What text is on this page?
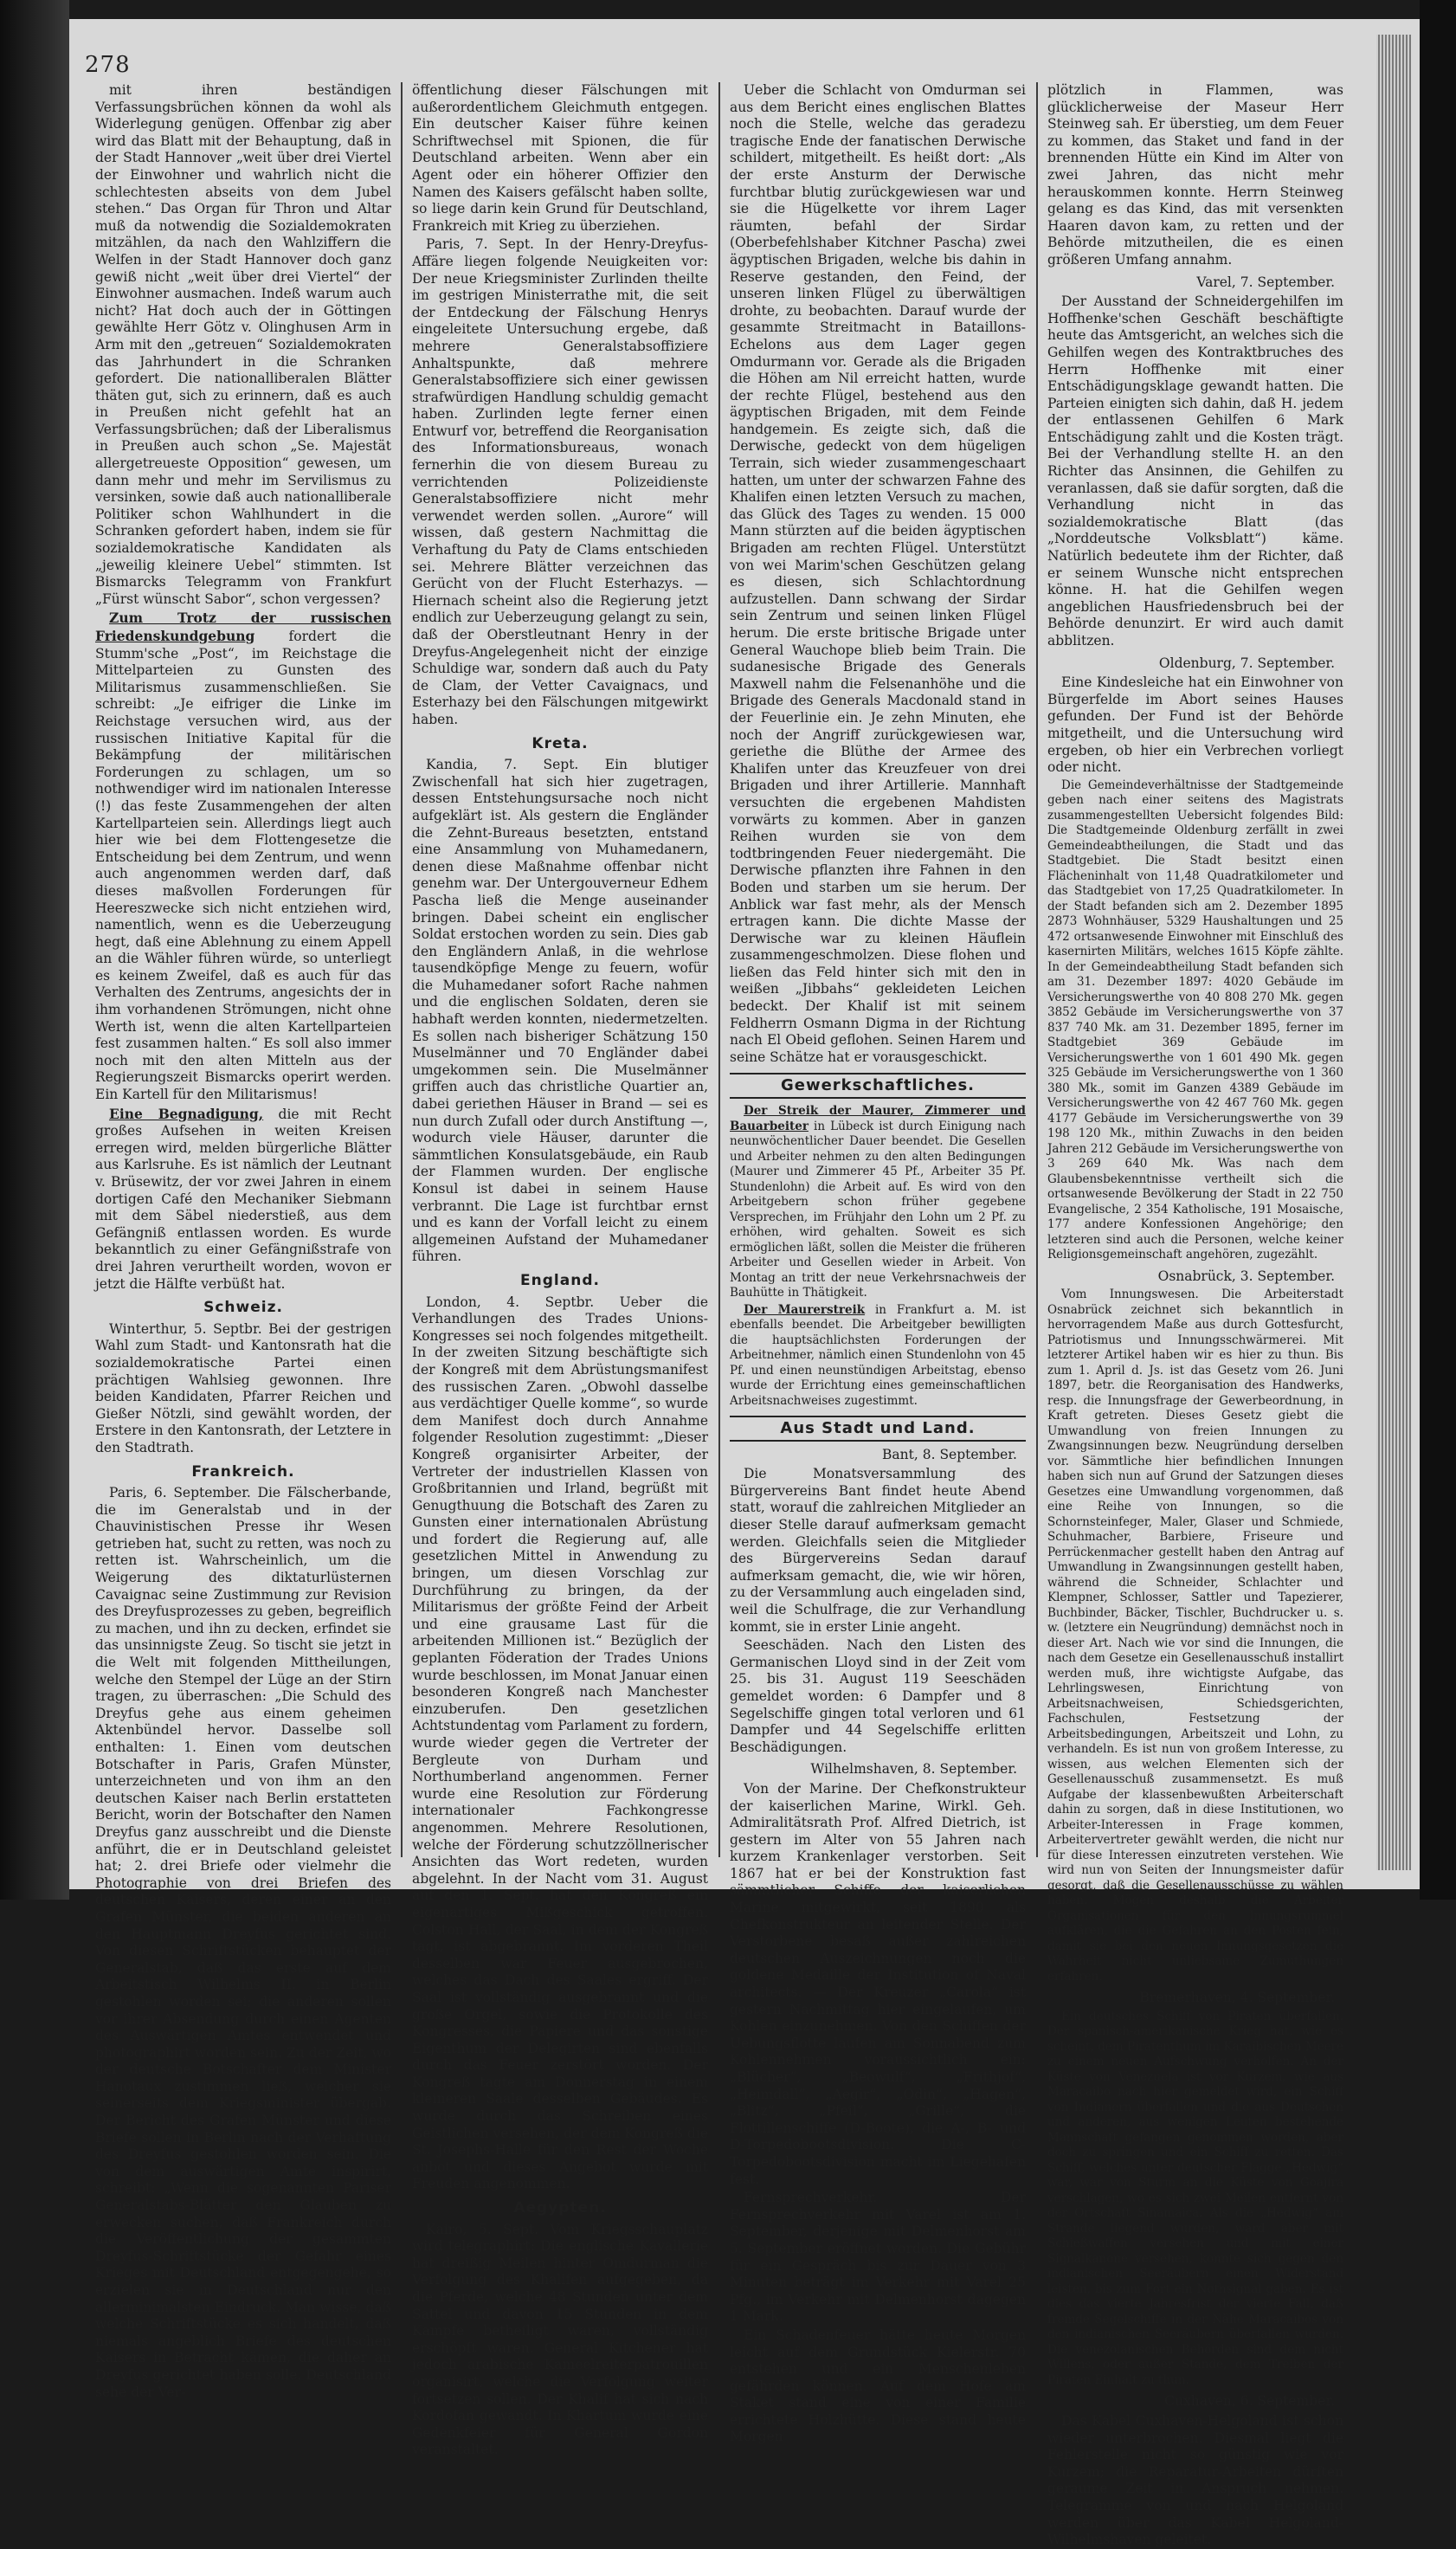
278

mit ihren beständigen Verfassungsbrüchen können da wohl als Widerlegung genügen. Offenbar zig aber wird das Blatt mit der Behauptung, daß in der Stadt Hannover „weit über drei Viertel der Einwohner und wahrlich nicht die schlechtesten abseits von dem Jubel stehen.“ Das Organ für Thron und Altar muß da notwendig die Sozialdemokraten mitzählen, da nach den Wahlziffern die Welfen in der Stadt Hannover doch ganz gewiß nicht „weit über drei Viertel“ der Einwohner ausmachen. Indeß warum auch nicht? Hat doch auch der in Göttingen gewählte Herr Götz v. Olinghusen Arm in Arm mit den „getreuen“ Sozialdemokraten das Jahrhundert in die Schranken gefordert. Die nationalliberalen Blätter thäten gut, sich zu erinnern, daß es auch in Preußen nicht gefehlt hat an Verfassungsbrüchen; daß der Liberalismus in Preußen auch schon „Se. Majestät allergetreueste Opposition“ gewesen, um dann mehr und mehr im Servilismus zu versinken, sowie daß auch nationalliberale Politiker schon Wahlhundert in die Schranken gefordert haben, indem sie für sozialdemokratische Kandidaten als „jeweilig kleinere Uebel“ stimmten. Ist Bismarcks Telegramm von Frankfurt „Fürst wünscht Sabor“, schon vergessen?

Zum Trotz der russischen Friedenskundgebung	fordert die Stumm'sche „Post“, im Reichstage die Mittelparteien zu Gunsten des Militarismus zusammenschließen. Sie schreibt: „Je eifriger die Linke im Reichstage versuchen wird, aus der russischen Initiative Kapital für die Bekämpfung der militärischen Forderungen zu schlagen, um so nothwendiger wird im nationalen Interesse (!) das feste Zusammengehen der alten Kartellparteien sein. Allerdings liegt auch hier wie bei dem Flottengesetze die Entscheidung bei dem Zentrum, und wenn auch angenommen werden darf, daß dieses maßvollen Forderungen für Heereszwecke sich nicht entziehen wird, namentlich, wenn es die Ueberzeugung hegt, daß eine Ablehnung zu einem Appell an die Wähler führen würde, so unterliegt es keinem Zweifel, daß es auch für das Verhalten des Zentrums, angesichts der in ihm vorhandenen Strömungen, nicht ohne Werth ist, wenn die alten Kartellparteien fest zusammen halten.“ Es soll also immer noch mit den alten Mitteln aus der Regierungszeit Bismarcks operirt werden. Ein Kartell für den Militarismus!

Eine Begnadigung, die mit Recht großes Aufsehen in weiten Kreisen erregen wird, melden bürgerliche Blätter aus Karlsruhe. Es ist nämlich der Leutnant v. Brüsewitz, der vor zwei Jahren in einem dortigen Café den Mechaniker Siebmann mit dem Säbel niederstieß, aus dem Gefängniß entlassen worden. Es wurde bekanntlich zu einer Gefängnißstrafe von drei Jahren verurtheilt worden, wovon er jetzt die Hälfte verbüßt hat.

Schweiz.

Winterthur, 5. Septbr. Bei der gestrigen Wahl zum Stadt- und Kantonsrath hat die sozialdemokratische Partei einen prächtigen Wahlsieg gewonnen. Ihre beiden Kandidaten, Pfarrer Reichen und Gießer Nötzli, sind gewählt worden, der Erstere in den Kantonsrath, der Letztere in den Stadtrath.

Frankreich.

Paris, 6. September. Die Fälscherbande, die im Generalstab und in der Chauvinistischen Presse ihr Wesen getrieben hat, sucht zu retten, was noch zu retten ist. Wahrscheinlich, um die Weigerung des diktaturlüsternen Cavaignac seine Zustimmung zur Revision des Dreyfusprozesses zu geben, begreiflich zu machen, und ihn zu decken, erfindet sie das unsinnigste Zeug. So tischt sie jetzt in die Welt mit folgenden Mittheilungen, welche den Stempel der Lüge an der Stirn tragen, zu überraschen: „Die Schuld des Dreyfus gehe aus einem geheimen Aktenbündel hervor. Dasselbe soll enthalten: 1. Einen vom deutschen Botschafter in Paris, Grafen Münster, unterzeichneten und von ihm an den deutschen Kaiser nach Berlin erstatteten Bericht, worin der Botschafter den Namen Dreyfus ganz ausschreibt und die Dienste anführt, die er in Deutschland geleistet hat; 2. drei Briefe oder vielmehr die Photographie von drei Briefen des deutschen Kaisers, deren einer an den Grafen Münster, die beiden anderen an den Hauptmann Dreyfus gerichtet sind. Von diesen Schriftstücken behauptet der Generalstab, daß das erste auf dem Arbeitstisch Wilhelms II. in Berlin gestohlen worden sei; die anderen sollen vor ihrer Absendung durch einen Agenten des Auswärtigen Amtes entwendet und photographirt worden sein. Zu der Zeit, wo der deutsche Botschafter dem Minister Hanotaux zustimmen ließ, welcher sie seinerseits dem Kriegsminister übergab. Der Bericht des Grafen Münster und diese Briefe sollen in Berlin nach der Verhaftung des Dreyfus gestohlen worden sein. Die von dem auswärtigen Amte inspirirt, schreibt: „Wenn die sogenannten Pariser Generalstabs-Blätter den Glauben zu erwecken suchen, daß Frankreich durch die Veröffentlichung der gesammten Dreyfus-Schriftstücke der Gefahr eines Krieges mit Deutschland entgegengehe, so erzielen sie in Deutschland nur den allerminimalsten Eindruck. Man wisse, daß welche Schriftstücke es sich handelt, daß niemals angeblich Briefe des deutschen Kaisers in Betracht kämen, die daher an Dreyfus gerichtet haben solle. Deutschland sehe der Ver-

öffentlichung dieser Fälschungen mit außerordentlichem Gleichmuth entgegen. Ein deutscher Kaiser führe keinen Schriftwechsel mit Spionen, die für Deutschland arbeiten. Wenn aber ein Agent oder ein höherer Offizier den Namen des Kaisers gefälscht haben sollte, so liege darin kein Grund für Deutschland, Frankreich mit Krieg zu überziehen.

Paris, 7. Sept. In der Henry-Dreyfus-Affäre liegen folgende Neuigkeiten vor: Der neue Kriegsminister Zurlinden theilte im gestrigen Ministerrathe mit, die seit der Entdeckung der Fälschung Henrys eingeleitete Untersuchung ergebe, daß mehrere Generalstabsoffiziere Anhaltspunkte, daß mehrere Generalstabsoffiziere sich einer gewissen strafwürdigen Handlung schuldig gemacht haben. Zurlinden legte ferner einen Entwurf vor, betreffend die Reorganisation des Informationsbureaus, wonach fernerhin die von diesem Bureau zu verrichtenden Polizeidienste Generalstabsoffiziere nicht mehr verwendet werden sollen. „Aurore“ will wissen, daß gestern Nachmittag die Verhaftung du Paty de Clams entschieden sei. Mehrere Blätter verzeichnen das Gerücht von der Flucht Esterhazys. — Hiernach scheint also die Regierung jetzt endlich zur Ueberzeugung gelangt zu sein, daß der Oberstleutnant Henry in der Dreyfus-Angelegenheit nicht der einzige Schuldige war, sondern daß auch du Paty de Clam, der Vetter Cavaignacs, und Esterhazy bei den Fälschungen mitgewirkt haben.

Kreta.

Kandia, 7. Sept. Ein blutiger Zwischenfall hat sich hier zugetragen, dessen Entstehungsursache noch nicht aufgeklärt ist. Als gestern die Engländer die Zehnt-Bureaus besetzten, entstand eine Ansammlung von Muhamedanern, denen diese Maßnahme offenbar nicht genehm war. Der Untergouverneur Edhem Pascha ließ die Menge auseinander bringen. Dabei scheint ein englischer Soldat erstochen worden zu sein. Dies gab den Engländern Anlaß, in die wehrlose tausendköpfige Menge zu feuern, wofür die Muhamedaner sofort Rache nahmen und die englischen Soldaten, deren sie habhaft werden konnten, niedermetzelten. Es sollen nach bisheriger Schätzung 150 Muselmänner und 70 Engländer dabei umgekommen sein. Die Muselmänner griffen auch das christliche Quartier an, dabei geriethen Häuser in Brand — sei es nun durch Zufall oder durch Anstiftung —, wodurch viele Häuser, darunter die sämmtlichen Konsulatsgebäude, ein Raub der Flammen wurden. Der englische Konsul ist dabei in seinem Hause verbrannt. Die Lage ist furchtbar ernst und es kann der Vorfall leicht zu einem allgemeinen Aufstand der Muhamedaner führen.

England.

London, 4. Septbr. Ueber die Verhandlungen des Trades Unions-Kongresses sei noch folgendes mitgetheilt. In der zweiten Sitzung beschäftigte sich der Kongreß mit dem Abrüstungsmanifest des russischen Zaren. „Obwohl dasselbe aus verdächtiger Quelle komme“, so wurde dem Manifest doch durch Annahme folgender Resolution zugestimmt: „Dieser Kongreß organisirter Arbeiter, der Vertreter der industriellen Klassen von Großbritannien und Irland, begrüßt mit Genugthuung die Botschaft des Zaren zu Gunsten einer internationalen Abrüstung und fordert die Regierung auf, alle gesetzlichen Mittel in Anwendung zu bringen, um diesen Vorschlag zur Durchführung zu bringen, da der Militarismus der größte Feind der Arbeit und eine grausame Last für die arbeitenden Millionen ist.“ Bezüglich der geplanten Föderation der Trades Unions wurde beschlossen, im Monat Januar einen besonderen Kongreß nach Manchester einzuberufen. Den gesetzlichen Achtstundentag vom Parlament zu fordern, wurde wieder gegen die Vertreter der Bergleute von Durham und Northumberland angenommen. Ferner wurde eine Resolution zur Förderung internationaler Fachkongresse angenommen. Mehrere Resolutionen, welche der Förderung schutzzöllnerischer Ansichten das Wort redeten, wurden abgelehnt. In der Nacht vom 31. August auf den 1. Sept. hat den Kongreß ein eigenartiges Mißgeschick getroffen. Colston Hall, der Saal, in dem der Kongreß tagt, ist abgebrannt. Im vorderen Theil desselben war Feuer ausgebrochen, welches das Dach des Saales ergriff. Der Saal ist vollständig ausgebrannt und die große Orgel, sowie die Protokolle des Kongresses, die Papiere und das sonstige Eigenthum der Delegirten sind ebenfalls durch das Feuer zerstört worden. Der Kongreß tagte am Donnerstag in einem kleineren Saale desselben Gebäudes. Es wurde durch das Schreiben eines Geistlichen versehen, der dem Kongreß die St. Josephs-Halle für den Rest der Woche anbot und dieses Angebot wurde mit Freuden angenommen.

Aegypten.

Kairo, 5. Sept. Vom Kriegsschauplatz wird telegraphirt: Die englische Kavallerie hat dreißig Meilen hinter Omdurman die Verfolgung des Khalifen aufgegeben, da die Pferde, welche 48 Stunden unter dem Sattel und davon 15 Stunden in dem Kampfe betheiligt waren, vollständig erschöpft waren. General Kitchener hat jedoch arabische Kameelreiterpatrouillen organisirt, welche die Verfolgung weiter fortsetzen sollen. Der Khalif hat sich nach Kordofan gewandt. In Khartum wurde eine Gedenkfeier für General Gordon veranstaltet.

Ueber die Schlacht von Omdurman sei aus dem Bericht eines englischen Blattes noch die Stelle, welche das geradezu tragische Ende der fanatischen Derwische schildert, mitgetheilt. Es heißt dort: „Als der erste Ansturm der Derwische furchtbar blutig zurückgewiesen war und sie die Hügelkette vor ihrem Lager räumten, befahl der Sirdar (Oberbefehlshaber Kitchner Pascha) zwei ägyptischen Brigaden, welche bis dahin in Reserve gestanden, den Feind, der unseren linken Flügel zu überwältigen drohte, zu beobachten. Darauf wurde der gesammte Streitmacht in Bataillons-Echelons aus dem Lager gegen Omdurmann vor. Gerade als die Brigaden die Höhen am Nil erreicht hatten, wurde der rechte Flügel, bestehend aus den ägyptischen Brigaden, mit dem Feinde handgemein. Es zeigte sich, daß die Derwische, gedeckt von dem hügeligen Terrain, sich wieder zusammengeschaart hatten, um unter der schwarzen Fahne des Khalifen einen letzten Versuch zu machen, das Glück des Tages zu wenden. 15 000 Mann stürzten auf die beiden ägyptischen Brigaden am rechten Flügel. Unterstützt von wei Marim'schen Geschützen gelang es diesen, sich Schlachtordnung aufzustellen. Dann schwang der Sirdar sein Zentrum und seinen linken Flügel herum. Die erste britische Brigade unter General Wauchope blieb beim Train. Die sudanesische Brigade des Generals Maxwell nahm die Felsenanhöhe und die Brigade des Generals Macdonald stand in der Feuerlinie ein. Je zehn Minuten, ehe noch der Angriff zurückgewiesen war, geriethe die Blüthe der Armee des Khalifen unter das Kreuzfeuer von drei Brigaden und ihrer Artillerie. Mannhaft versuchten die ergebenen Mahdisten vorwärts zu kommen. Aber in ganzen Reihen wurden sie von dem todtbringenden Feuer niedergemäht. Die Derwische pflanzten ihre Fahnen in den Boden und starben um sie herum. Der Anblick war fast mehr, als der Mensch ertragen kann. Die dichte Masse der Derwische war zu kleinen Häuflein zusammengeschmolzen. Diese flohen und ließen das Feld hinter sich mit den in weißen „Jibbahs“ gekleideten Leichen bedeckt. Der Khalif ist mit seinem Feldherrn Osmann Digma in der Richtung nach El Obeid geflohen. Seinen Harem und seine Schätze hat er vorausgeschickt.

Gewerkschaftliches.

Der Streik der Maurer, Zimmerer und Bauarbeiter in Lübeck ist durch Einigung nach neunwöchentlicher Dauer beendet. Die Gesellen und Arbeiter nehmen zu den alten Bedingungen (Maurer und Zimmerer 45 Pf., Arbeiter 35 Pf. Stundenlohn) die Arbeit auf. Es wird von den Arbeitgebern schon früher gegebene Versprechen, im Frühjahr den Lohn um 2 Pf. zu erhöhen, wird gehalten. Soweit es sich ermöglichen läßt, sollen die Meister die früheren Arbeiter und Gesellen wieder in Arbeit. Von Montag an tritt der neue Verkehrsnachweis der Bauhütte in Thätigkeit.

Der Maurerstreik in Frankfurt a. M. ist ebenfalls beendet. Die Arbeitgeber bewilligten die hauptsächlichsten Forderungen der Arbeitnehmer, nämlich einen Stundenlohn von 45 Pf. und einen neunstündigen Arbeitstag, ebenso wurde der Errichtung eines gemeinschaftlichen Arbeitsnachweises zugestimmt.

Aus Stadt und Land.
Bant, 8. September.

Die Monatsversammlung des Bürgervereins Bant findet heute Abend statt, worauf die zahlreichen Mitglieder an dieser Stelle darauf aufmerksam gemacht werden. Gleichfalls seien die Mitglieder des Bürgervereins Sedan darauf aufmerksam gemacht, die, wie wir hören, zu der Versammlung auch eingeladen sind, weil die Schulfrage, die zur Verhandlung kommt, sie in erster Linie angeht.

Seeschäden. Nach den Listen des Germanischen Lloyd sind in der Zeit vom 25. bis 31. August 119 Seeschäden gemeldet worden: 6 Dampfer und 8 Segelschiffe gingen total verloren und 61 Dampfer und 44 Segelschiffe erlitten Beschädigungen.

Wilhelmshaven, 8. September.

Von der Marine. Der Chefkonstrukteur der kaiserlichen Marine, Wirkl. Geh. Admiralitätsrath Prof. Alfred Dietrich, ist gestern im Alter von 55 Jahren nach kurzem Krankenlager verstorben. Seit 1867 hat er bei der Konstruktion fast sämmtlicher Schiffe der kaiserlichen Marine mitgewirkt, seit 1890 als Chefkonstrukteur an leitender Stelle. Der Verstorbene besaß außer zahlreichen deutschen Auszeichnungen noch die goldene Medaille der Institution of Naval architects. — Der Kreuzer „Carola“ ist gestern Nachmittag hier eingelaufen, um Kohlen einzunehmen. Von den Schiffen der Uebungsflotte laufen am Sonnabend zum Kohlennehmen voraussichtlich ein: „Blücher“, „Beowulf“, „Frithjof“, „Heimdall“, „Aegir“, „Odin“, „Hagen“, „Blitz“, „Pfeil“, „Grille“, die Flottillenschiffe (D-Boote), die A-, B- und D-Torpedobootsdivision. Die C-Torpedobootsdivision macht im Liegehafen fest.

Fernsprechverkehr. Der Fernsprechverkehr mit Varel ist am 1. September, derjenige mit Delmenhorst am 5. September eröffnet worden. Die Gebühr für ein Gespräch bis zur Dauer von 3 Minuten beträgt im Verkehr mit Varel 25 Pfg., im Verkehr mit Delmenhorst dagegen 1 Mark.

Ein Schadenfeuer hätte heute Morgen leicht auf dem Grundstück Kielerstr. 70 entstehen und ein Menschenleben gefährden können. Auf dem Hofe am Staket stand eine von einer Familie errichtete Holzhütte. Diese stand heute Morgen

plötzlich in Flammen, was glücklicherweise der Maseur Herr Steinweg sah. Er überstieg, um dem Feuer zu kommen, das Staket und fand in der brennenden Hütte ein Kind im Alter von zwei Jahren, das nicht mehr herauskommen konnte. Herrn Steinweg gelang es das Kind, das mit versenkten Haaren davon kam, zu retten und der Behörde mitzutheilen, die es einen größeren Umfang annahm.

Varel, 7. September.

Der Ausstand der Schneidergehilfen im Hoffhenke'schen Geschäft beschäftigte heute das Amtsgericht, an welches sich die Gehilfen wegen des Kontraktbruches des Herrn Hoffhenke mit einer Entschädigungsklage gewandt hatten. Die Parteien einigten sich dahin, daß H. jedem der entlassenen Gehilfen 6 Mark Entschädigung zahlt und die Kosten trägt. Bei der Verhandlung stellte H. an den Richter das Ansinnen, die Gehilfen zu veranlassen, daß sie dafür sorgten, daß die Verhandlung nicht in das sozialdemokratische Blatt (das „Norddeutsche Volksblatt“) käme. Natürlich bedeutete ihm der Richter, daß er seinem Wunsche nicht entsprechen könne. H. hat die Gehilfen wegen angeblichen Hausfriedensbruch bei der Behörde denunzirt. Er wird auch damit abblitzen.

Oldenburg, 7. September.

Eine Kindesleiche hat ein Einwohner von Bürgerfelde im Abort seines Hauses gefunden. Der Fund ist der Behörde mitgetheilt, und die Untersuchung wird ergeben, ob hier ein Verbrechen vorliegt oder nicht.

Die Gemeindeverhältnisse der Stadtgemeinde geben nach einer seitens des Magistrats zusammengestellten Uebersicht folgendes Bild: Die Stadtgemeinde Oldenburg zerfällt in zwei Gemeindeabtheilungen, die Stadt und das Stadtgebiet. Die Stadt besitzt einen Flächeninhalt von 11,48 Quadratkilometer und das Stadtgebiet von 17,25 Quadratkilometer. In der Stadt befanden sich am 2. Dezember 1895 2873 Wohnhäuser, 5329 Haushaltungen und 25 472 ortsanwesende Einwohner mit Einschluß des kasernirten Militärs, welches 1615 Köpfe zählte. In der Gemeindeabtheilung Stadt befanden sich am 31. Dezember 1897: 4020 Gebäude im Versicherungswerthe von 40 808 270 Mk. gegen 3852 Gebäude im Versicherungswerthe von 37 837 740 Mk. am 31. Dezember 1895, ferner im Stadtgebiet 369 Gebäude im Versicherungswerthe von 1 601 490 Mk. gegen 325 Gebäude im Versicherungswerthe von 1 360 380 Mk., somit im Ganzen 4389 Gebäude im Versicherungswerthe von 42 467 760 Mk. gegen 4177 Gebäude im Versicherungswerthe von 39 198 120 Mk., mithin Zuwachs in den beiden Jahren 212 Gebäude im Versicherungswerthe von 3 269 640 Mk. Was nach dem Glaubensbekenntnisse vertheilt sich die ortsanwesende Bevölkerung der Stadt in 22 750 Evangelische, 2 354 Katholische, 191 Mosaische, 177 andere Konfessionen Angehörige; den letzteren sind auch die Personen, welche keiner Religionsgemeinschaft angehören, zugezählt.

Osnabrück, 3. September.

Vom Innungswesen. Die Arbeiterstadt Osnabrück zeichnet sich bekanntlich in hervorragendem Maße aus durch Gottesfurcht, Patriotismus und Innungsschwärmerei. Mit letzterer Artikel haben wir es hier zu thun. Bis zum 1. April d. Js. ist das Gesetz vom 26. Juni 1897, betr. die Reorganisation des Handwerks, resp. die Innungsfrage der Gewerbeordnung, in Kraft getreten. Dieses Gesetz giebt die Umwandlung von freien Innungen zu Zwangsinnungen bezw. Neugründung derselben vor. Sämmtliche hier befindlichen Innungen haben sich nun auf Grund der Satzungen dieses Gesetzes eine Umwandlung vorgenommen, daß eine Reihe von Innungen, so die Schornsteinfeger, Maler, Glaser und Schmiede, Schuhmacher, Barbiere, Friseure und Perrückenmacher gestellt haben den Antrag auf Umwandlung in Zwangsinnungen gestellt haben, während die Schneider, Schlachter und Klempner, Schlosser, Sattler und Tapezierer, Buchbinder, Bäcker, Tischler, Buchdrucker u. s. w. (letztere ein Neugründung) demnächst noch in dieser Art. Nach wie vor sind die Innungen, die nach dem Gesetze ein Gesellenausschuß installirt werden muß, ihre wichtigste Aufgabe, das Lehrlingswesen, Einrichtung von Arbeitsnachweisen, Schiedsgerichten, Fachschulen, Festsetzung der Arbeitsbedingungen, Arbeitszeit und Lohn, zu verhandeln. Es ist nun von großem Interesse, zu wissen, aus welchen Elementen sich der Gesellenausschuß zusammensetzt. Es muß Aufgabe der klassenbewußten Arbeiterschaft dahin zu sorgen, daß in diese Institutionen, wo Arbeiter-Interessen in Frage kommen, Arbeitervertreter gewählt werden, die nicht nur für diese Interessen einzutreten verstehen. Wie wird nun von Seiten der Innungsmeister dafür gesorgt, daß die Gesellenausschüsse zu wählen haben. Mögen deshalb die Arbeiter Organisationen für den Innungsrummel aufklären, die die Gefahren an den Posten fein, damit sie bei den neuen Innungsgesetzen die Wahrheit nicht unliebsame Zumuthungen erfahren.

Bremerhaven, 4. September.

Ein deutsches Schiff von Piraten überfallen. Der spanisch-amerikanische Krieg hat, wie es scheint, dem Piratenthum im Karaibischen Meere zu einem neuen Aufschwung verholfen. An der Küste von Venezuela ist vor Kurzem, wie aus Maracaibo nach hier gemeldet wird, ein Schiff von Indianern überfallen und die aus Deutschen und anderen, aus wenigen Leuten bestehende Mannschaft gefangen genommen worden, aber doch zu springen und ein Schiff zu retten. Das Schiff, welches unter deutscher Flagge „Hedwig“ war, war von Sturm an die Küste von Goajira verschlagen, wo es sich zwei Meilen entfernt von der Ortschaft Sinamaica. Als die „Hedwig“ am Strande liegend wurden, ward aber mit Schießwaffen versehen und mit einer Signalkanone versehen, konnte sich gegen den indianischen Seeräubern einen Widerstand leisten, bis zum Fort ein Nothsignal gaben. Es ist dies das vierte Jahresfrist der vierte Fall, daß fremde Segelschiffe in der Nähe Maracaibos von den indianischen Seeräubern überfallen wurden. Die venezolanischen Behörden sind dem nicht Willens, oder außer Stande, dem Treiben der Piraten Einhalt zu thun.

Cuxhaven, 6. September.

Das Kabel Cuxhaven-Helgoland ist schon wieder unterbrochen. Diesmal liegt die Fehlerstelle nicht so günstig wie vor Kurzem; die Reparatur-Arbeiten dürften geraume Zeit in Anspruch nehmen. Telegramme von und nach Helgoland werden über das Kabel Helgoland-Wilhelmshaven geleitet.
